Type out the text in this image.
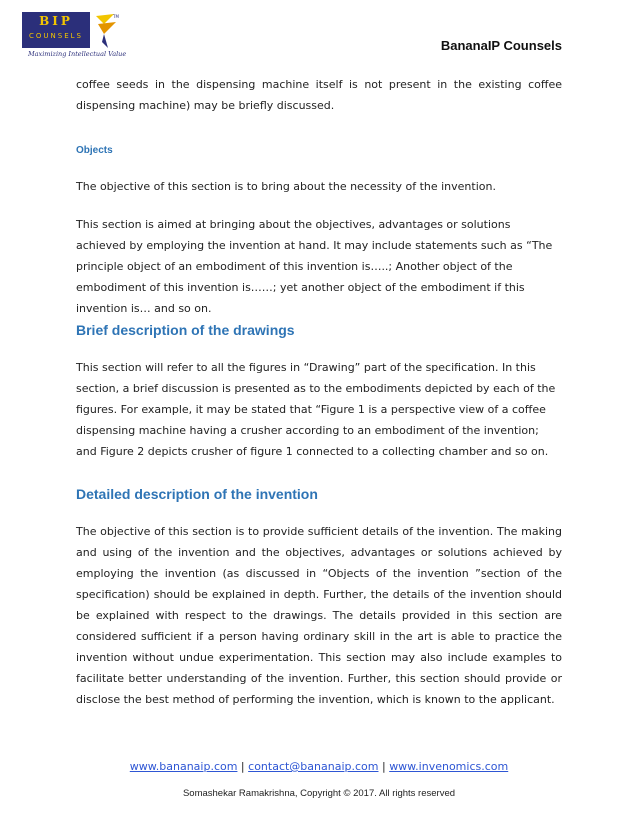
BIP
COUNSELS
TM
Maximizing Intellectual Value
BananaIP Counsels

coffee seeds in the dispensing machine itself is not present in the existing coffee dispensing machine) may be briefly discussed.

Objects

The objective of this section is to bring about the necessity of the invention.

This section is aimed at bringing about the objectives, advantages or solutions achieved by employing the invention at hand. It may include statements such as “The principle object of an embodiment of this invention is…..; Another object of the embodiment of this invention is……; yet another object of the embodiment if this invention is… and so on.

Brief description of the drawings

This section will refer to all the figures in “Drawing” part of the specification. In this section, a brief discussion is presented as to the embodiments depicted by each of the figures. For example, it may be stated that “Figure 1 is a perspective view of a coffee dispensing machine having a crusher according to an embodiment of the invention; and Figure 2 depicts crusher of figure 1 connected to a collecting chamber and so on.

Detailed description of the invention

The objective of this section is to provide sufficient details of the invention. The making and using of the invention and the objectives, advantages or solutions achieved by employing the invention (as discussed in “Objects of the invention ”section of the specification) should be explained in depth. Further, the details of the invention should be explained with respect to the drawings. The details provided in this section are considered sufficient if a person having ordinary skill in the art is able to practice the invention without undue experimentation. This section may also include examples to facilitate better understanding of the invention. Further, this section should provide or disclose the best method of performing the invention, which is known to the applicant.

www.bananaip.com | contact@bananaip.com | www.invenomics.com
Somashekar Ramakrishna, Copyright © 2017. All rights reserved
